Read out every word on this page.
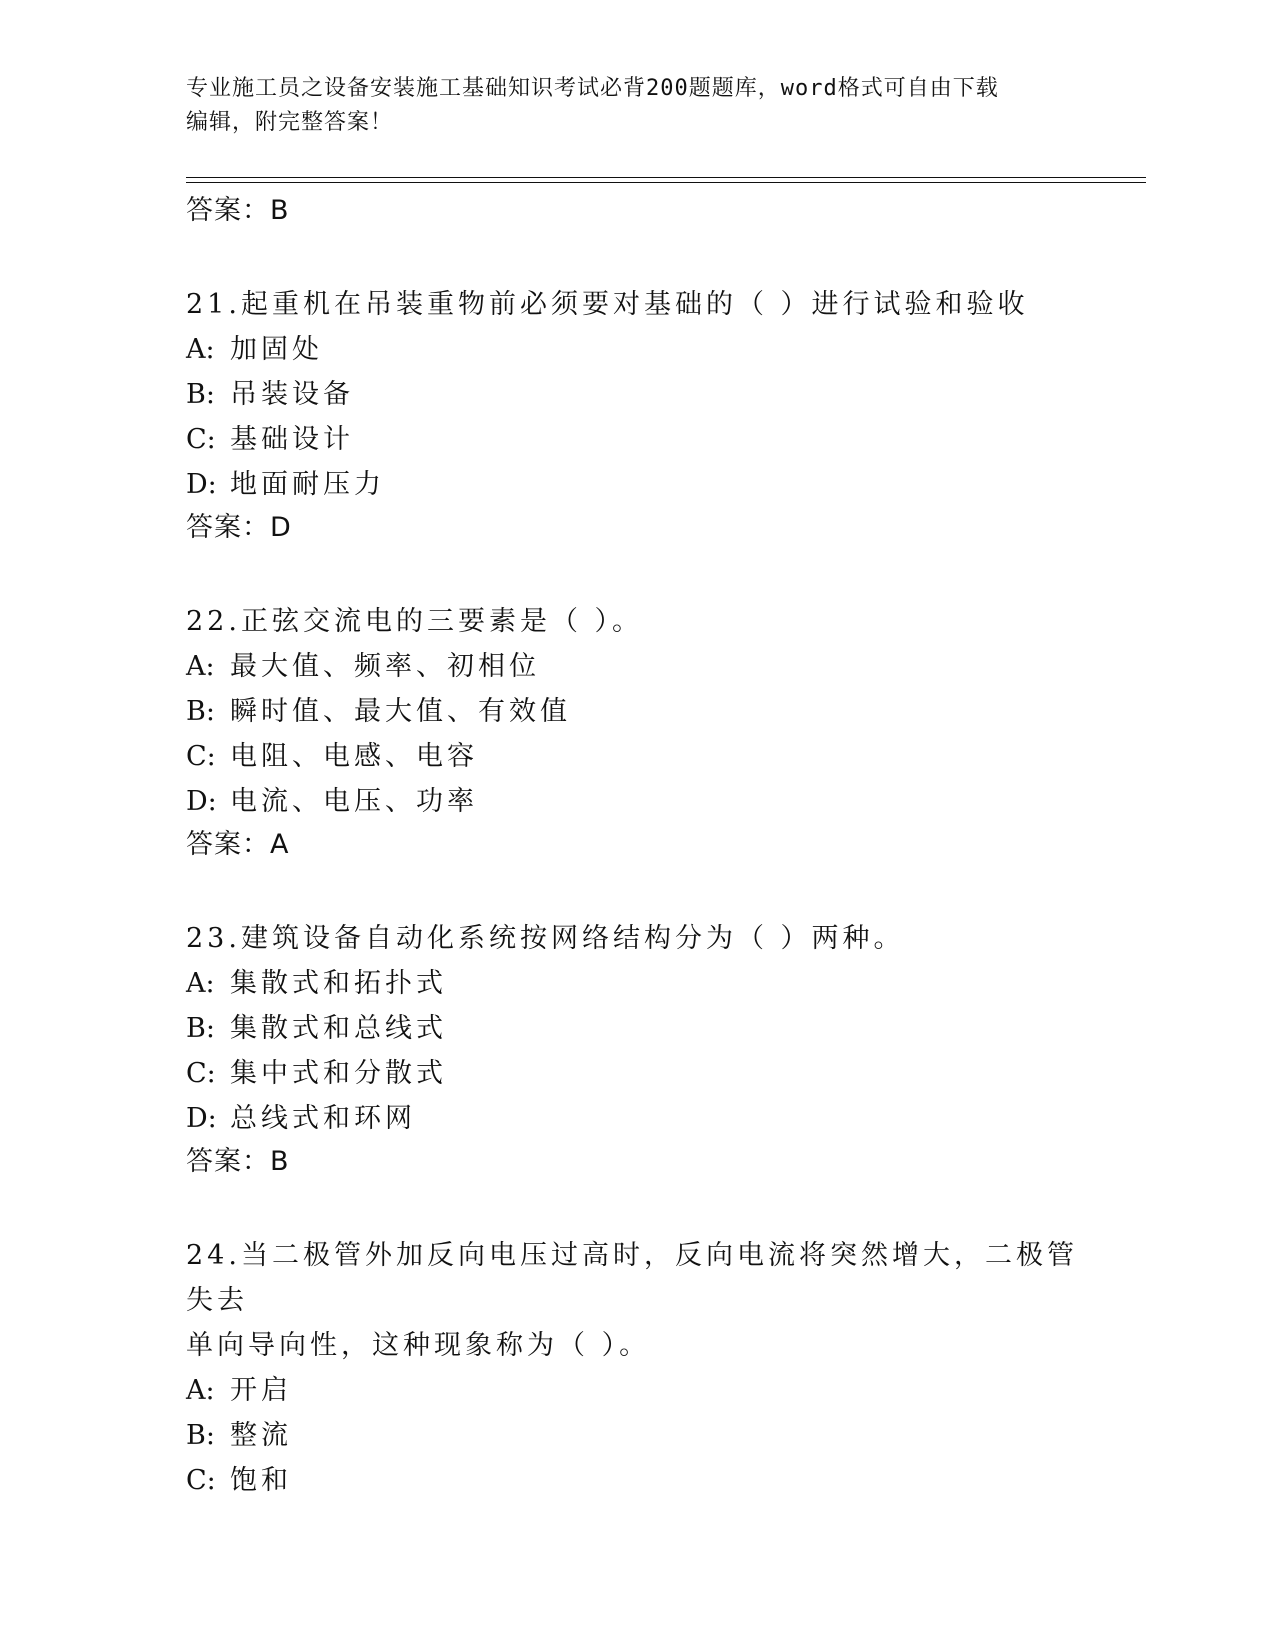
专业施工员之设备安装施工基础知识考试必背200题题库，word格式可自由下载
编辑，附完整答案！
答案：B
21.起重机在吊装重物前必须要对基础的（ ）进行试验和验收
A: 加固处
B: 吊装设备
C: 基础设计
D: 地面耐压力
答案：D
22.正弦交流电的三要素是（ ）。
A: 最大值、频率、初相位
B: 瞬时值、最大值、有效值
C: 电阻、电感、电容
D: 电流、电压、功率
答案：A
23.建筑设备自动化系统按网络结构分为（ ）两种。
A: 集散式和拓扑式
B: 集散式和总线式
C: 集中式和分散式
D: 总线式和环网
答案：B
24.当二极管外加反向电压过高时，反向电流将突然增大，二极管失去
单向导向性，这种现象称为（ ）。
A: 开启
B: 整流
C: 饱和
